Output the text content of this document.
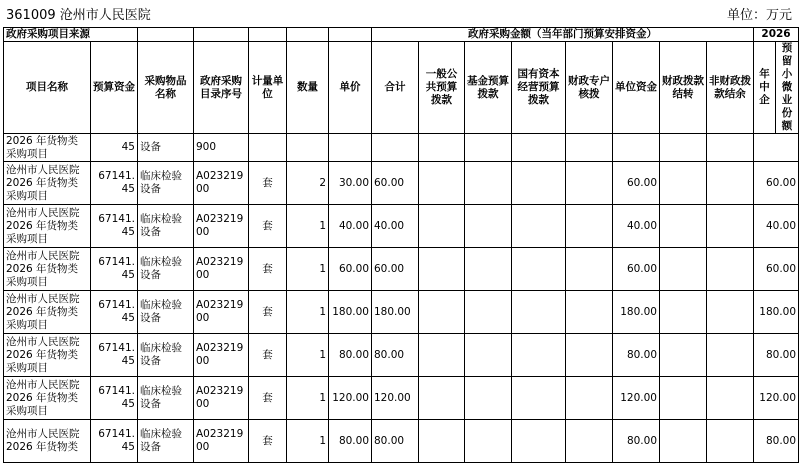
361009 沧州市人民医院	单位：万元
政府采购项目来源							政府采购金额（当年部门预算安排资金）								2026	
项目名称	预算资金	采购物品名称	政府采购目录序号	计量单位	数量	单价	合计	一般公共预算拨款	基金预算拨款	国有资本经营预算拨款	财政专户核拨	单位资金	财政拨款结转	非财政拨款结余	年中企	预留小微业份额
2026 年货物类采购项目	45	设备	900													
沧州市人民医院 2026 年货物类采购项目	67141.45	临床检验设备	A02321900	套	2	30.00	60.00					60.00			60.00	
沧州市人民医院 2026 年货物类采购项目	67141.45	临床检验设备	A02321900	套	1	40.00	40.00					40.00			40.00	
沧州市人民医院 2026 年货物类采购项目	67141.45	临床检验设备	A02321900	套	1	60.00	60.00					60.00			60.00	
沧州市人民医院 2026 年货物类采购项目	67141.45	临床检验设备	A02321900	套	1	180.00	180.00					180.00			180.00	
沧州市人民医院 2026 年货物类采购项目	67141.45	临床检验设备	A02321900	套	1	80.00	80.00					80.00			80.00	
沧州市人民医院 2026 年货物类采购项目	67141.45	临床检验设备	A02321900	套	1	120.00	120.00					120.00			120.00	
沧州市人民医院 2026 年货物类	67141.45	临床检验设备	A02321900	套	1	80.00	80.00					80.00			80.00	
